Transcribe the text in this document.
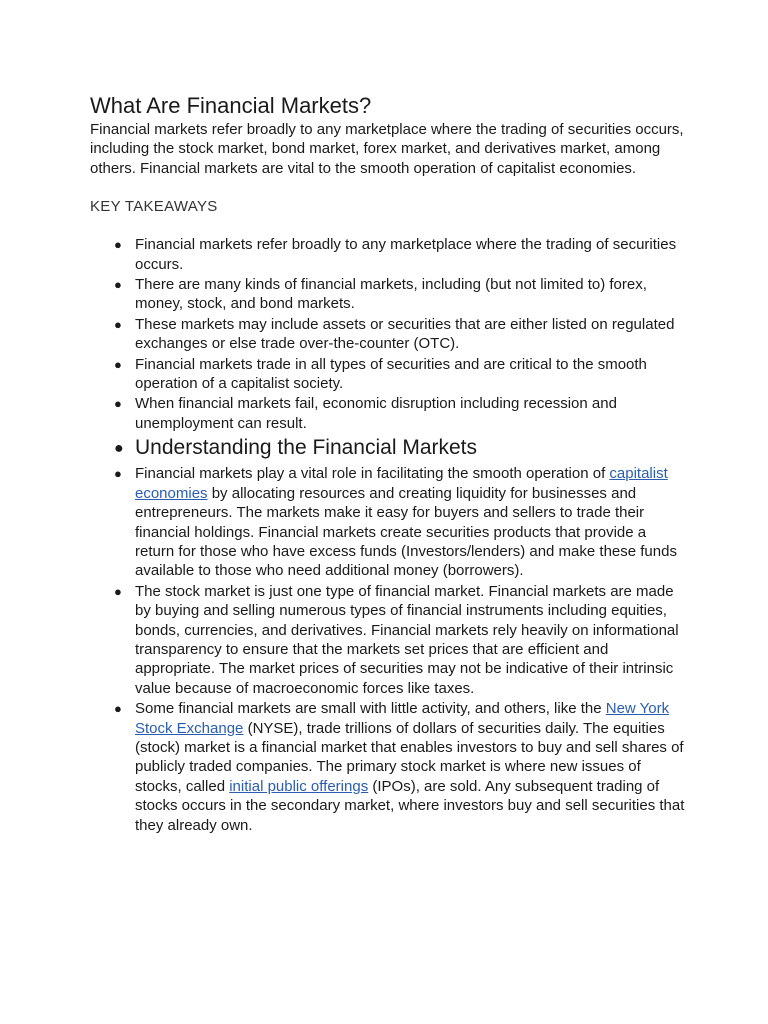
What Are Financial Markets?

Financial markets refer broadly to any marketplace where the trading of securities occurs, including the stock market, bond market, forex market, and derivatives market, among others. Financial markets are vital to the smooth operation of capitalist economies.

KEY TAKEAWAYS
● Financial markets refer broadly to any marketplace where the trading of securities occurs.
● There are many kinds of financial markets, including (but not limited to) forex, money, stock, and bond markets.
● These markets may include assets or securities that are either listed on regulated exchanges or else trade over-the-counter (OTC).
● Financial markets trade in all types of securities and are critical to the smooth operation of a capitalist society.
● When financial markets fail, economic disruption including recession and unemployment can result.
● Understanding the Financial Markets
● Financial markets play a vital role in facilitating the smooth operation of capitalist economies by allocating resources and creating liquidity for businesses and entrepreneurs. The markets make it easy for buyers and sellers to trade their financial holdings. Financial markets create securities products that provide a return for those who have excess funds (Investors/lenders) and make these funds available to those who need additional money (borrowers).
● The stock market is just one type of financial market. Financial markets are made by buying and selling numerous types of financial instruments including equities, bonds, currencies, and derivatives. Financial markets rely heavily on informational transparency to ensure that the markets set prices that are efficient and appropriate. The market prices of securities may not be indicative of their intrinsic value because of macroeconomic forces like taxes.
● Some financial markets are small with little activity, and others, like the New York Stock Exchange (NYSE), trade trillions of dollars of securities daily. The equities (stock) market is a financial market that enables investors to buy and sell shares of publicly traded companies. The primary stock market is where new issues of stocks, called initial public offerings (IPOs), are sold. Any subsequent trading of stocks occurs in the secondary market, where investors buy and sell securities that they already own.
